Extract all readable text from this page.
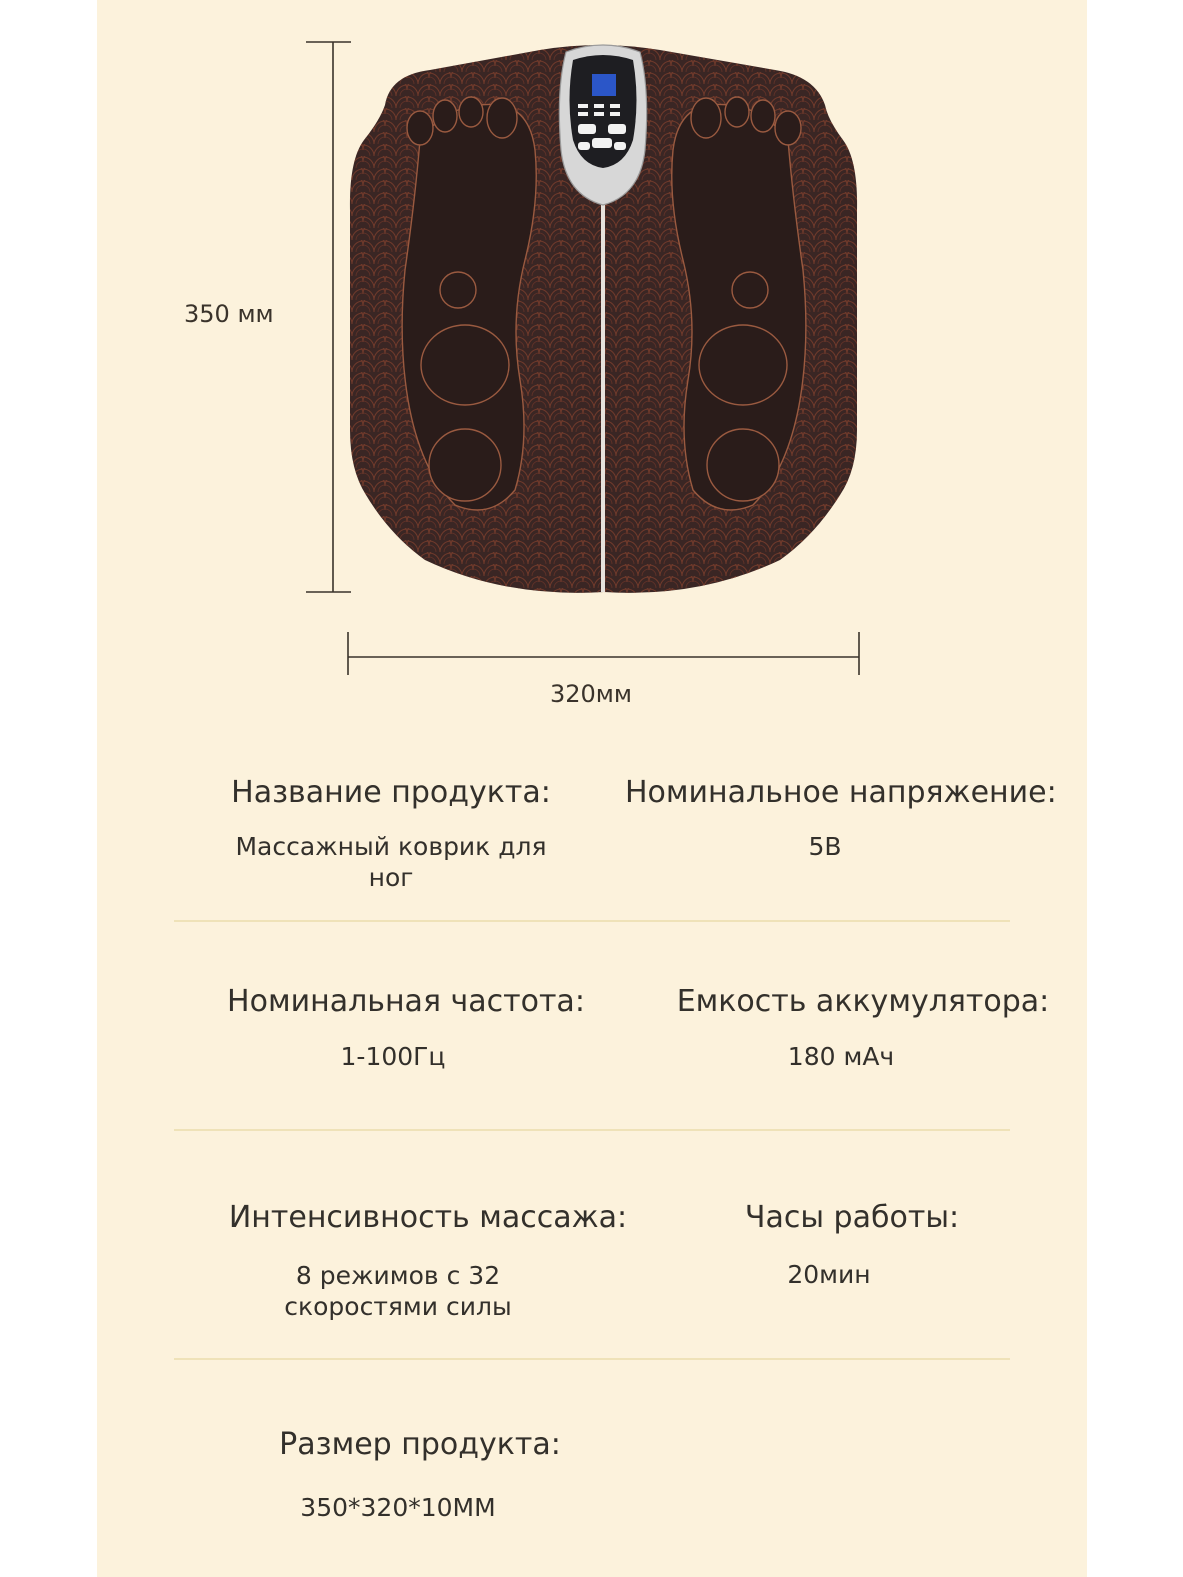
350 мм
320мм
Название продукта:
Массажный коврик для
ног
Номинальное напряжение:
5В
Номинальная частота:
1-100Гц
Емкость аккумулятора:
180 мАч
Интенсивность массажа:
8 режимов с 32
скоростями силы
Часы работы:
20мин
Размер продукта:
350*320*10ММ
